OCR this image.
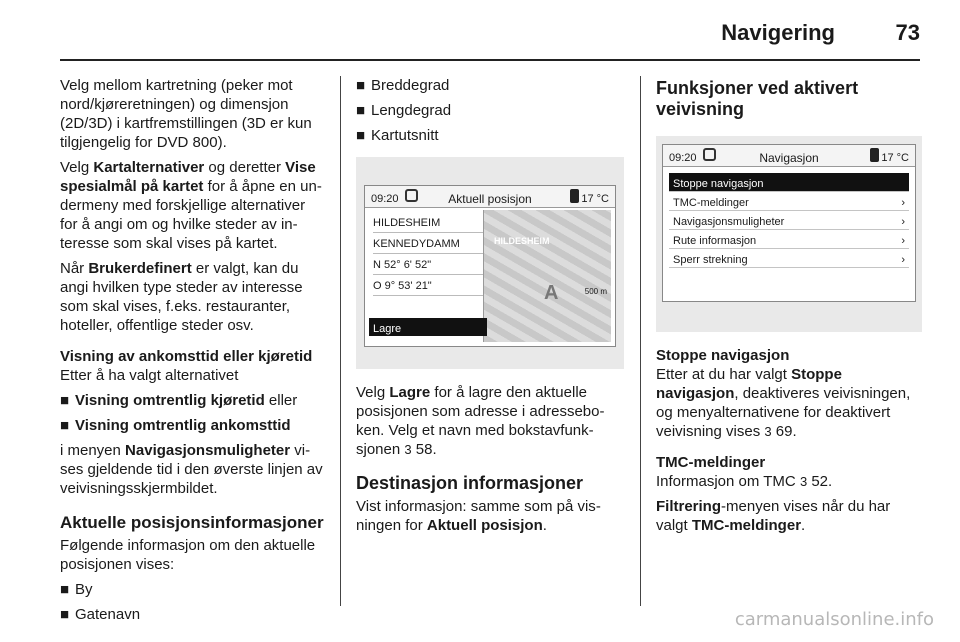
Navigering	73

Velg mellom kartretning (peker mot nord/kjøreretningen) og dimensjon (2D/3D) i kartfremstillingen (3D er kun tilgjengelig for DVD 800).

Velg Kartalternativer og deretter Vise spesialmål på kartet for å åpne en undermeny med forskjellige alternativer for å angi om og hvilke steder av interesse som skal vises på kartet.

Når Brukerdefinert er valgt, kan du angi hvilken type steder av interesse som skal vises, f.eks. restauranter, hoteller, offentlige steder osv.

Visning av ankomsttid eller kjøretid

Etter å ha valgt alternativet

■ Visning omtrentlig kjøretid eller
■ Visning omtrentlig ankomsttid

i menyen Navigasjonsmuligheter vises gjeldende tid i den øverste linjen av veivisningsskjermbildet.

Aktuelle posisjonsinformasjoner

Følgende informasjon om den aktuelle posisjonen vises:

■ By
■ Gatenavn
■ Breddegrad
■ Lengdegrad
■ Kartutsnitt
09:20	Aktuell posisjon	17 °C
HILDESHEIM
KENNEDYDAMM
N 52° 6' 52"
O 9° 53' 21"
HILDESHEIM
A	500 m
Lagre

Velg Lagre for å lagre den aktuelle posisjonen som adresse i adresseboken. Velg et navn med bokstavfunksjonen 3 58.

Destinasjon informasjoner

Vist informasjon: samme som på visningen for Aktuell posisjon.

Funksjoner ved aktivert veivisning
09:20	Navigasjon	17 °C
Stoppe navigasjon
TMC-meldinger	›
Navigasjonsmuligheter	›
Rute informasjon	›
Sperr strekning	›
Stoppe navigasjon

Etter at du har valgt Stoppe navigasjon, deaktiveres veivisningen, og menyalternativene for deaktivert veivisning vises 3 69.

TMC-meldinger

Informasjon om TMC 3 52.

Filtrering-menyen vises når du har valgt TMC-meldinger.

carmanualsonline.info
